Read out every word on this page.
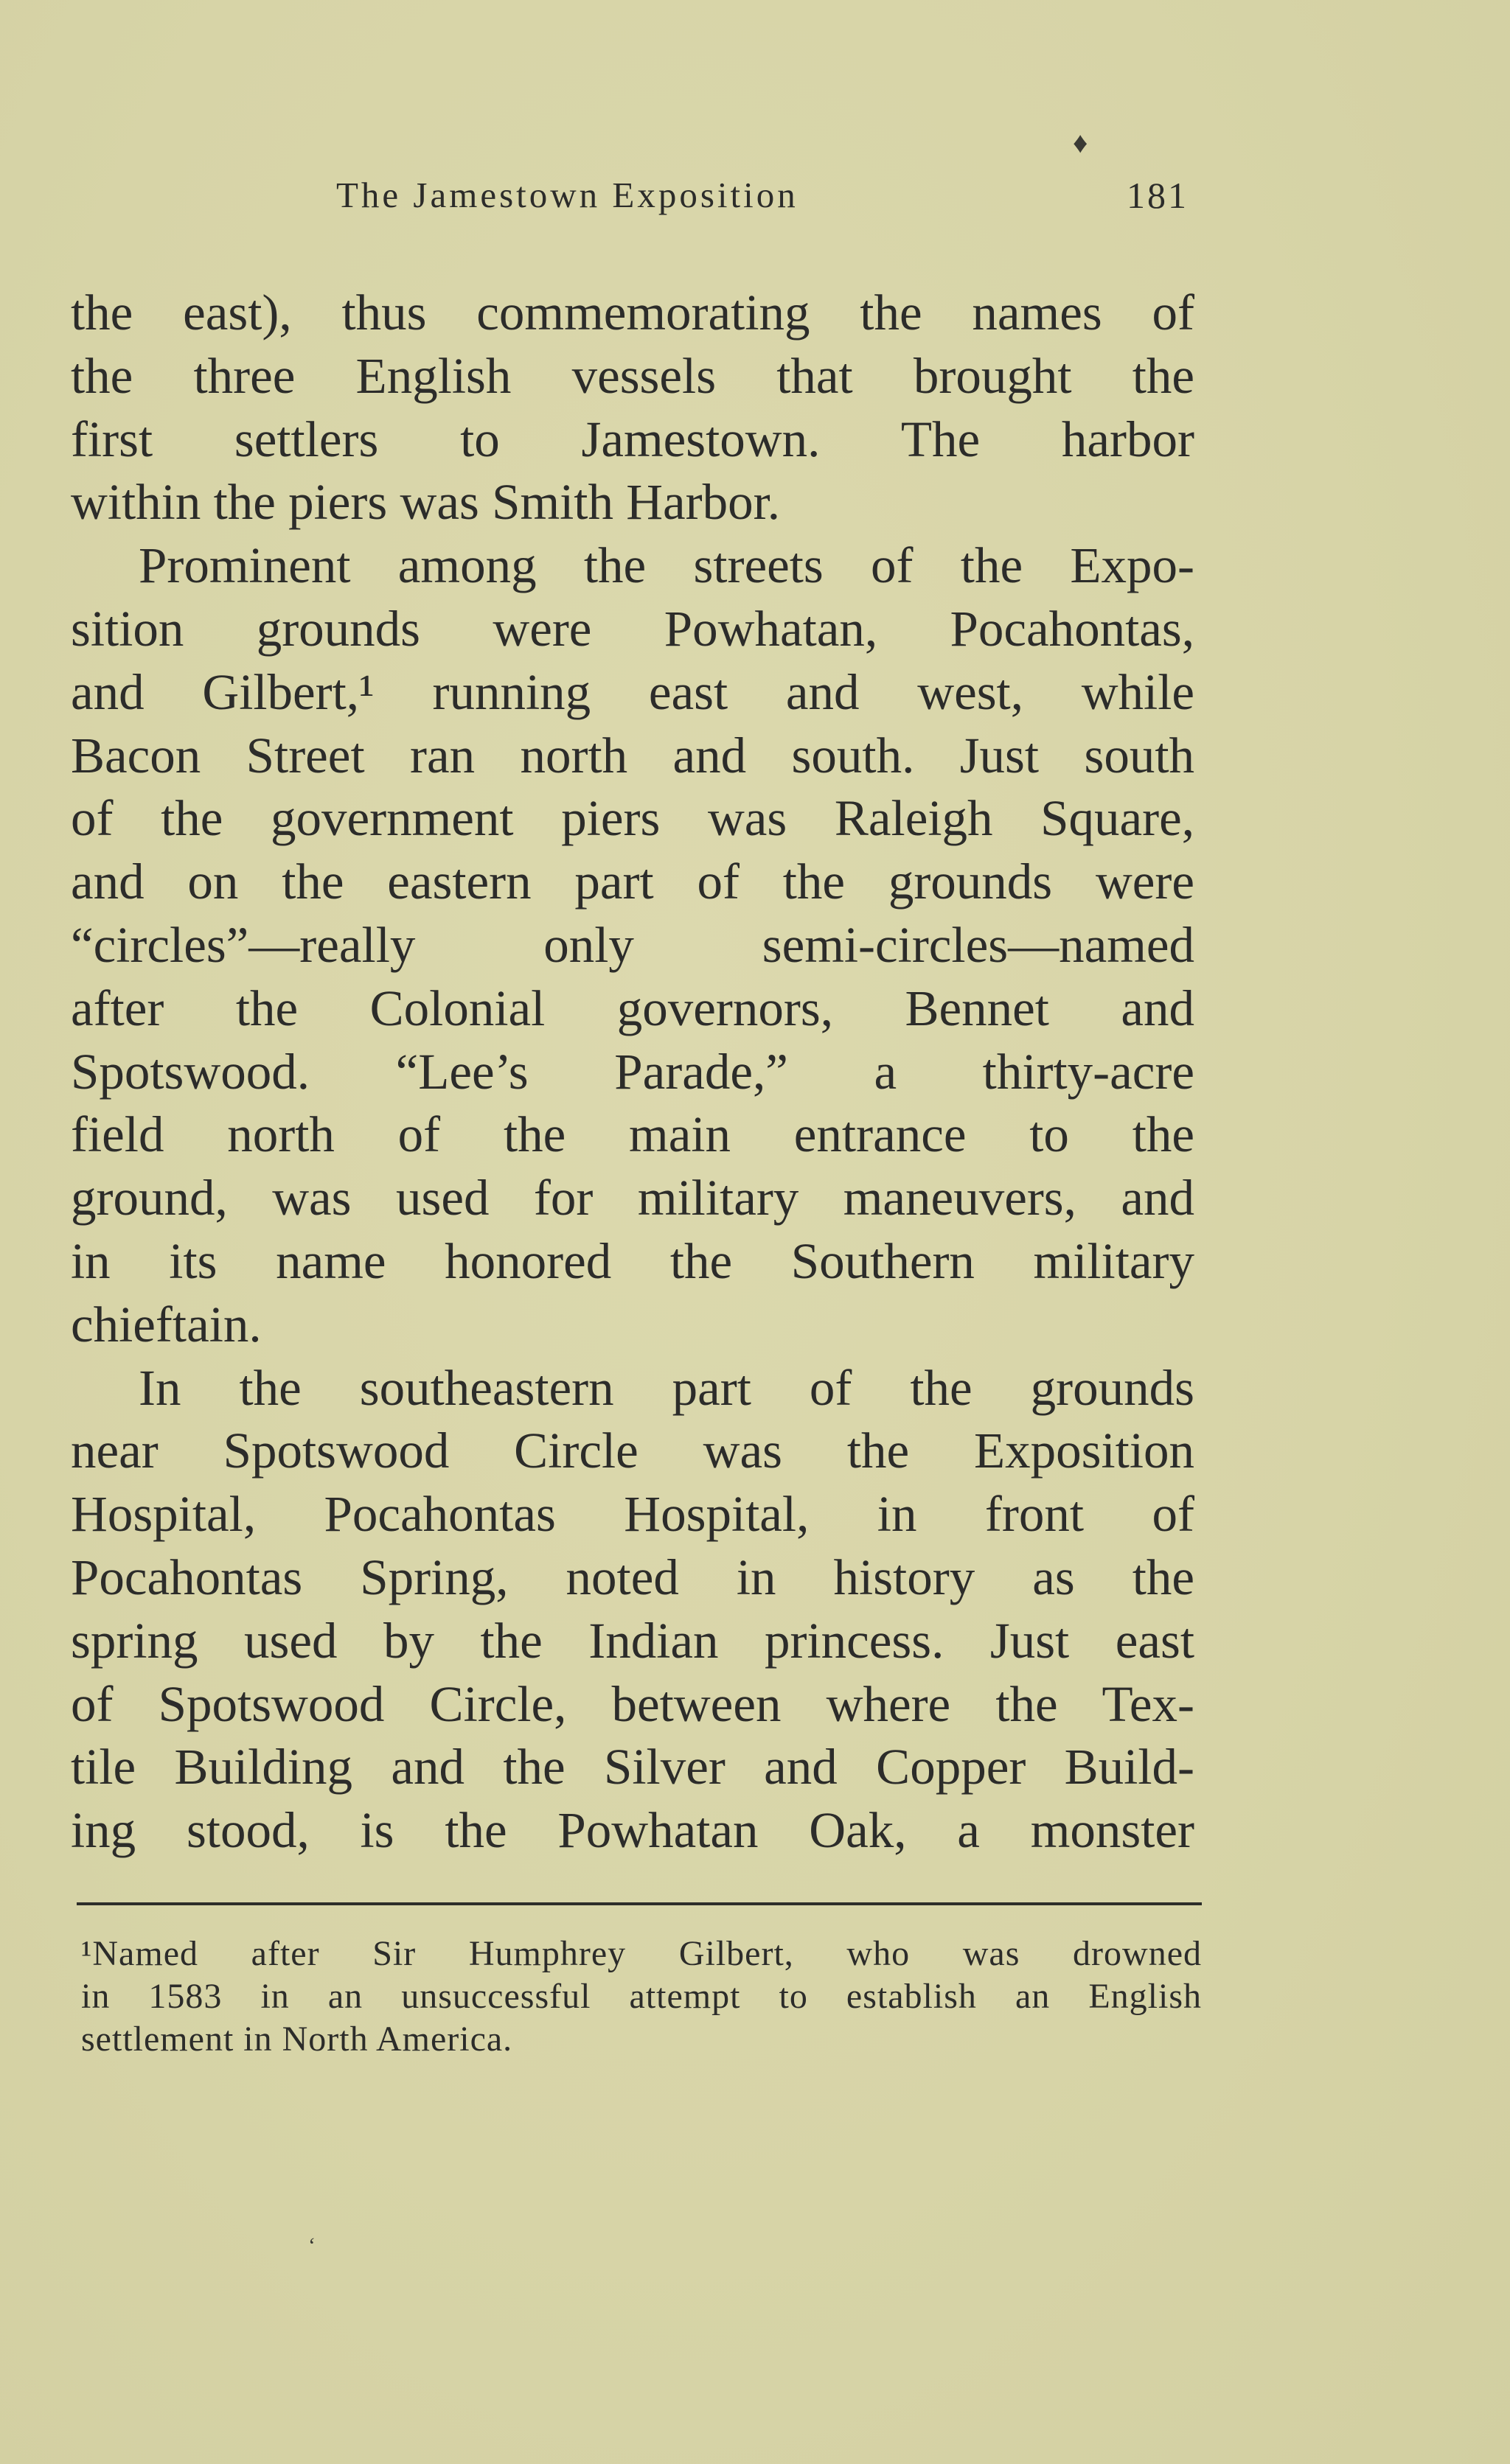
♦
The Jamestown Exposition	181
the east), thus commemorating the names of
the three English vessels that brought the
first settlers to Jamestown. The harbor
within the piers was Smith Harbor.
Prominent among the streets of the Expo-
sition grounds were Powhatan, Pocahontas,
and Gilbert,¹ running east and west, while
Bacon Street ran north and south. Just south
of the government piers was Raleigh Square,
and on the eastern part of the grounds were
“circles”—really only semi-circles—named
after the Colonial governors, Bennet and
Spotswood. “Lee’s Parade,” a thirty-acre
field north of the main entrance to the
ground, was used for military maneuvers, and
in its name honored the Southern military
chieftain.
In the southeastern part of the grounds
near Spotswood Circle was the Exposition
Hospital, Pocahontas Hospital, in front of
Pocahontas Spring, noted in history as the
spring used by the Indian princess. Just east
of Spotswood Circle, between where the Tex-
tile Building and the Silver and Copper Build-
ing stood, is the Powhatan Oak, a monster
¹Named after Sir Humphrey Gilbert, who was drowned
in 1583 in an unsuccessful attempt to establish an English
settlement in North America.
‘
